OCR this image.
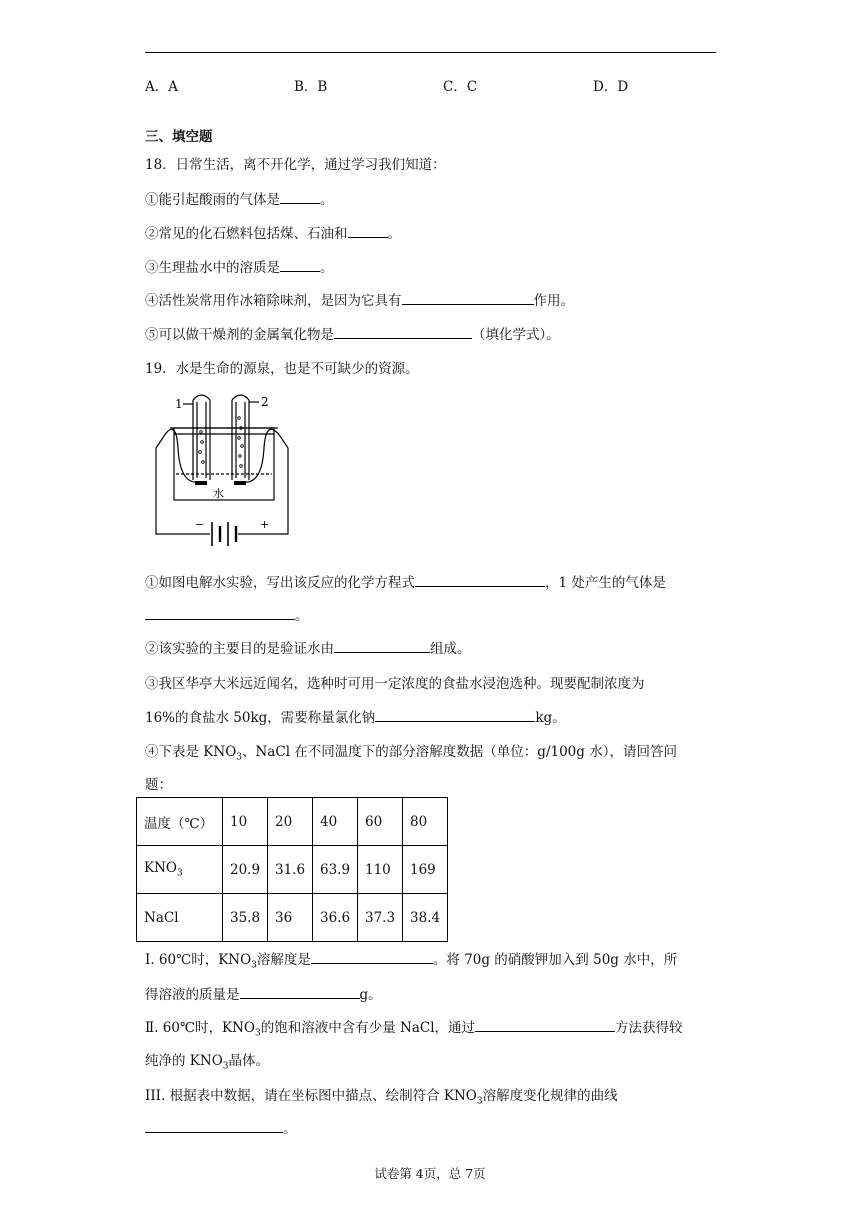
A．A	B．B	C．C	D．D
三、填空题
18．日常生活，离不开化学，通过学习我们知道：
①能引起酸雨的气体是	。
②常见的化石燃料包括煤、石油和	。
③生理盐水中的溶质是	。
④活性炭常用作冰箱除味剂，是因为它具有	作用。
⑤可以做干燥剂的金属氧化物是	（填化学式）。
19．水是生命的源泉，也是不可缺少的资源。
1	2
水
−	+
①如图电解水实验，写出该反应的化学方程式	，1 处产生的气体是
。
②该实验的主要目的是验证水由	组成。
③我区华亭大米远近闻名，选种时可用一定浓度的食盐水浸泡选种。现要配制浓度为
16%的食盐水 50kg，需要称量氯化钠	kg。
④下表是 $KNO_3$、NaCl 在不同温度下的部分溶解度数据（单位：g/100g 水），请回答问
题：
温度（℃）	10	20	40	60	80
$KNO_3$	20.9	31.6	63.9	110	169
NaCl	35.8	36	36.6	37.3	38.4
Ⅰ. 60℃时，$KNO_3$溶解度是	。将 70g 的硝酸钾加入到 50g 水中，所
得溶液的质量是	g。
Ⅱ. 60℃时，$KNO_3$的饱和溶液中含有少量 NaCl，通过	方法获得较
纯净的 $KNO_3$晶体。
III. 根据表中数据，请在坐标图中描点、绘制符合 $KNO_3$溶解度变化规律的曲线
。
试卷第 4页，总 7页
